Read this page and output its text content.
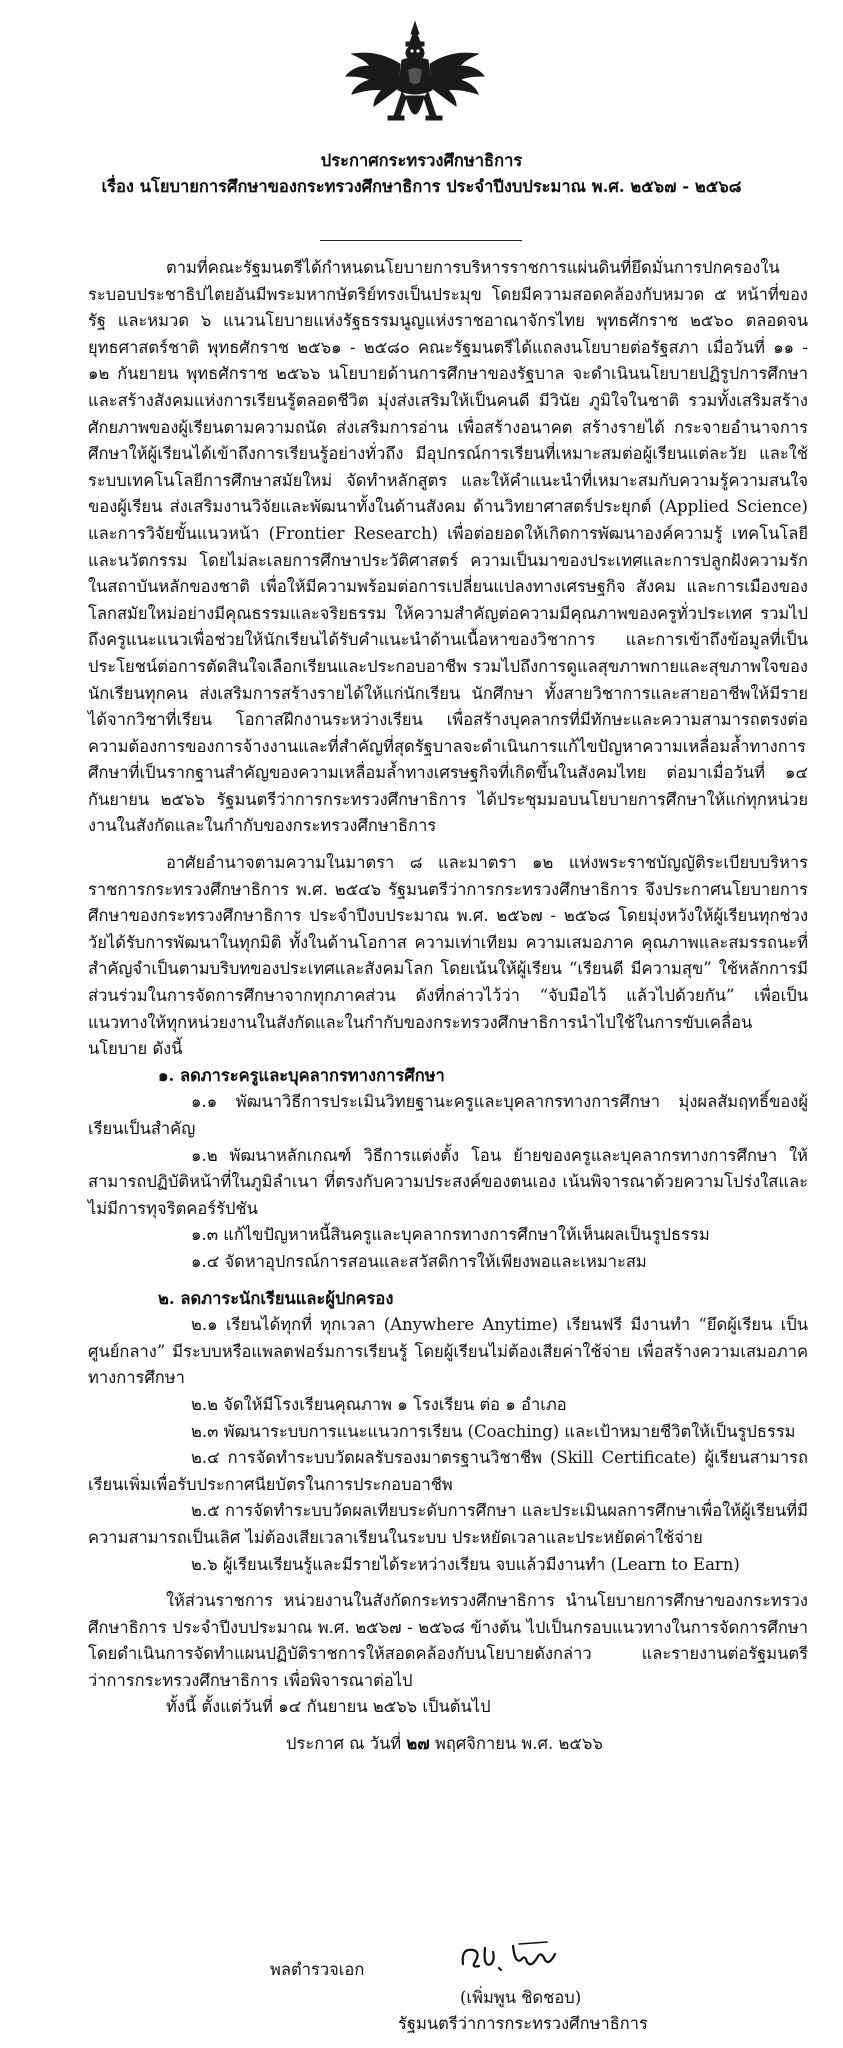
ประกาศกระทรวงศึกษาธิการ
เรื่อง นโยบายการศึกษาของกระทรวงศึกษาธิการ ประจำปีงบประมาณ พ.ศ. ๒๕๖๗ - ๒๕๖๘

ตามที่คณะรัฐมนตรีได้กำหนดนโยบายการบริหารราชการแผ่นดินที่ยึดมั่นการปกครองในระบอบประชาธิปไตยอันมีพระมหากษัตริย์ทรงเป็นประมุข โดยมีความสอดคล้องกับหมวด ๕ หน้าที่ของรัฐ และหมวด ๖ แนวนโยบายแห่งรัฐธรรมนูญแห่งราชอาณาจักรไทย พุทธศักราช ๒๕๖๐ ตลอดจนยุทธศาสตร์ชาติ พุทธศักราช ๒๕๖๑ - ๒๕๘๐ คณะรัฐมนตรีได้แถลงนโยบายต่อรัฐสภา เมื่อวันที่ ๑๑ - ๑๒ กันยายน พุทธศักราช ๒๕๖๖ นโยบายด้านการศึกษาของรัฐบาล จะดำเนินนโยบายปฏิรูปการศึกษาและสร้างสังคมแห่งการเรียนรู้ตลอดชีวิต มุ่งส่งเสริมให้เป็นคนดี มีวินัย ภูมิใจในชาติ รวมทั้งเสริมสร้างศักยภาพของผู้เรียนตามความถนัด ส่งเสริมการอ่าน เพื่อสร้างอนาคต สร้างรายได้ กระจายอำนาจการศึกษาให้ผู้เรียนได้เข้าถึงการเรียนรู้อย่างทั่วถึง มีอุปกรณ์การเรียนที่เหมาะสมต่อผู้เรียนแต่ละวัย และใช้ระบบเทคโนโลยีการศึกษาสมัยใหม่ จัดทำหลักสูตร และให้คำแนะนำที่เหมาะสมกับความรู้ความสนใจของผู้เรียน ส่งเสริมงานวิจัยและพัฒนาทั้งในด้านสังคม ด้านวิทยาศาสตร์ประยุกต์ (Applied Science) และการวิจัยขั้นแนวหน้า (Frontier Research) เพื่อต่อยอดให้เกิดการพัฒนาองค์ความรู้ เทคโนโลยี และนวัตกรรม โดยไม่ละเลยการศึกษาประวัติศาสตร์ ความเป็นมาของประเทศและการปลูกฝังความรักในสถาบันหลักของชาติ เพื่อให้มีความพร้อมต่อการเปลี่ยนแปลงทางเศรษฐกิจ สังคม และการเมืองของโลกสมัยใหม่อย่างมีคุณธรรมและจริยธรรม ให้ความสำคัญต่อความมีคุณภาพของครูทั่วประเทศ รวมไปถึงครูแนะแนวเพื่อช่วยให้นักเรียนได้รับคำแนะนำด้านเนื้อหาของวิชาการ และการเข้าถึงข้อมูลที่เป็นประโยชน์ต่อการตัดสินใจเลือกเรียนและประกอบอาชีพ รวมไปถึงการดูแลสุขภาพกายและสุขภาพใจของนักเรียนทุกคน ส่งเสริมการสร้างรายได้ให้แก่นักเรียน นักศึกษา ทั้งสายวิชาการและสายอาชีพให้มีรายได้จากวิชาที่เรียน โอกาสฝึกงานระหว่างเรียน เพื่อสร้างบุคลากรที่มีทักษะและความสามารถตรงต่อความต้องการของการจ้างงานและที่สำคัญที่สุดรัฐบาลจะดำเนินการแก้ไขปัญหาความเหลื่อมล้ำทางการศึกษาที่เป็นรากฐานสำคัญของความเหลื่อมล้ำทางเศรษฐกิจที่เกิดขึ้นในสังคมไทย ต่อมาเมื่อวันที่ ๑๔ กันยายน ๒๕๖๖ รัฐมนตรีว่าการกระทรวงศึกษาธิการ ได้ประชุมมอบนโยบายการศึกษาให้แก่ทุกหน่วยงานในสังกัดและในกำกับของกระทรวงศึกษาธิการ

อาศัยอำนาจตามความในมาตรา ๘ และมาตรา ๑๒ แห่งพระราชบัญญัติระเบียบบริหารราชการกระทรวงศึกษาธิการ พ.ศ. ๒๕๔๖ รัฐมนตรีว่าการกระทรวงศึกษาธิการ จึงประกาศนโยบายการศึกษาของกระทรวงศึกษาธิการ ประจำปีงบประมาณ พ.ศ. ๒๕๖๗ - ๒๕๖๘ โดยมุ่งหวังให้ผู้เรียนทุกช่วงวัยได้รับการพัฒนาในทุกมิติ ทั้งในด้านโอกาส ความเท่าเทียม ความเสมอภาค คุณภาพและสมรรถนะที่สำคัญจำเป็นตามบริบทของประเทศและสังคมโลก โดยเน้นให้ผู้เรียน “เรียนดี มีความสุข” ใช้หลักการมีส่วนร่วมในการจัดการศึกษาจากทุกภาคส่วน ดังที่กล่าวไว้ว่า “จับมือไว้ แล้วไปด้วยกัน” เพื่อเป็นแนวทางให้ทุกหน่วยงานในสังกัดและในกำกับของกระทรวงศึกษาธิการนำไปใช้ในการขับเคลื่อนนโยบาย ดังนี้

๑. ลดภาระครูและบุคลากรทางการศึกษา

๑.๑ พัฒนาวิธีการประเมินวิทยฐานะครูและบุคลากรทางการศึกษา มุ่งผลสัมฤทธิ์ของผู้เรียนเป็นสำคัญ

๑.๒ พัฒนาหลักเกณฑ์ วิธีการแต่งตั้ง โอน ย้ายของครูและบุคลากรทางการศึกษา ให้สามารถปฏิบัติหน้าที่ในภูมิลำเนา ที่ตรงกับความประสงค์ของตนเอง เน้นพิจารณาด้วยความโปร่งใสและไม่มีการทุจริตคอร์รัปชัน

๑.๓ แก้ไขปัญหาหนี้สินครูและบุคลากรทางการศึกษาให้เห็นผลเป็นรูปธรรม

๑.๔ จัดหาอุปกรณ์การสอนและสวัสดิการให้เพียงพอและเหมาะสม

๒. ลดภาระนักเรียนและผู้ปกครอง

๒.๑ เรียนได้ทุกที่ ทุกเวลา (Anywhere Anytime) เรียนฟรี มีงานทำ “ยึดผู้เรียน เป็นศูนย์กลาง” มีระบบหรือแพลตฟอร์มการเรียนรู้ โดยผู้เรียนไม่ต้องเสียค่าใช้จ่าย เพื่อสร้างความเสมอภาคทางการศึกษา

๒.๒ จัดให้มีโรงเรียนคุณภาพ ๑ โรงเรียน ต่อ ๑ อำเภอ

๒.๓ พัฒนาระบบการแนะแนวการเรียน (Coaching) และเป้าหมายชีวิตให้เป็นรูปธรรม

๒.๔ การจัดทำระบบวัดผลรับรองมาตรฐานวิชาชีพ (Skill Certificate) ผู้เรียนสามารถเรียนเพิ่มเพื่อรับประกาศนียบัตรในการประกอบอาชีพ

๒.๕ การจัดทำระบบวัดผลเทียบระดับการศึกษา และประเมินผลการศึกษาเพื่อให้ผู้เรียนที่มีความสามารถเป็นเลิศ ไม่ต้องเสียเวลาเรียนในระบบ ประหยัดเวลาและประหยัดค่าใช้จ่าย

๒.๖ ผู้เรียนเรียนรู้และมีรายได้ระหว่างเรียน จบแล้วมีงานทำ (Learn to Earn)

ให้ส่วนราชการ หน่วยงานในสังกัดกระทรวงศึกษาธิการ นำนโยบายการศึกษาของกระทรวงศึกษาธิการ ประจำปีงบประมาณ พ.ศ. ๒๕๖๗ - ๒๕๖๘ ข้างต้น ไปเป็นกรอบแนวทางในการจัดการศึกษา โดยดำเนินการจัดทำแผนปฏิบัติราชการให้สอดคล้องกับนโยบายดังกล่าว และรายงานต่อรัฐมนตรีว่าการกระทรวงศึกษาธิการ เพื่อพิจารณาต่อไป

ทั้งนี้ ตั้งแต่วันที่ ๑๔ กันยายน ๒๕๖๖ เป็นต้นไป

ประกาศ ณ วันที่ ๒๗ พฤศจิกายน พ.ศ. ๒๕๖๖

พลตำรวจเอก
(เพิ่มพูน ชิดชอบ)
รัฐมนตรีว่าการกระทรวงศึกษาธิการ
